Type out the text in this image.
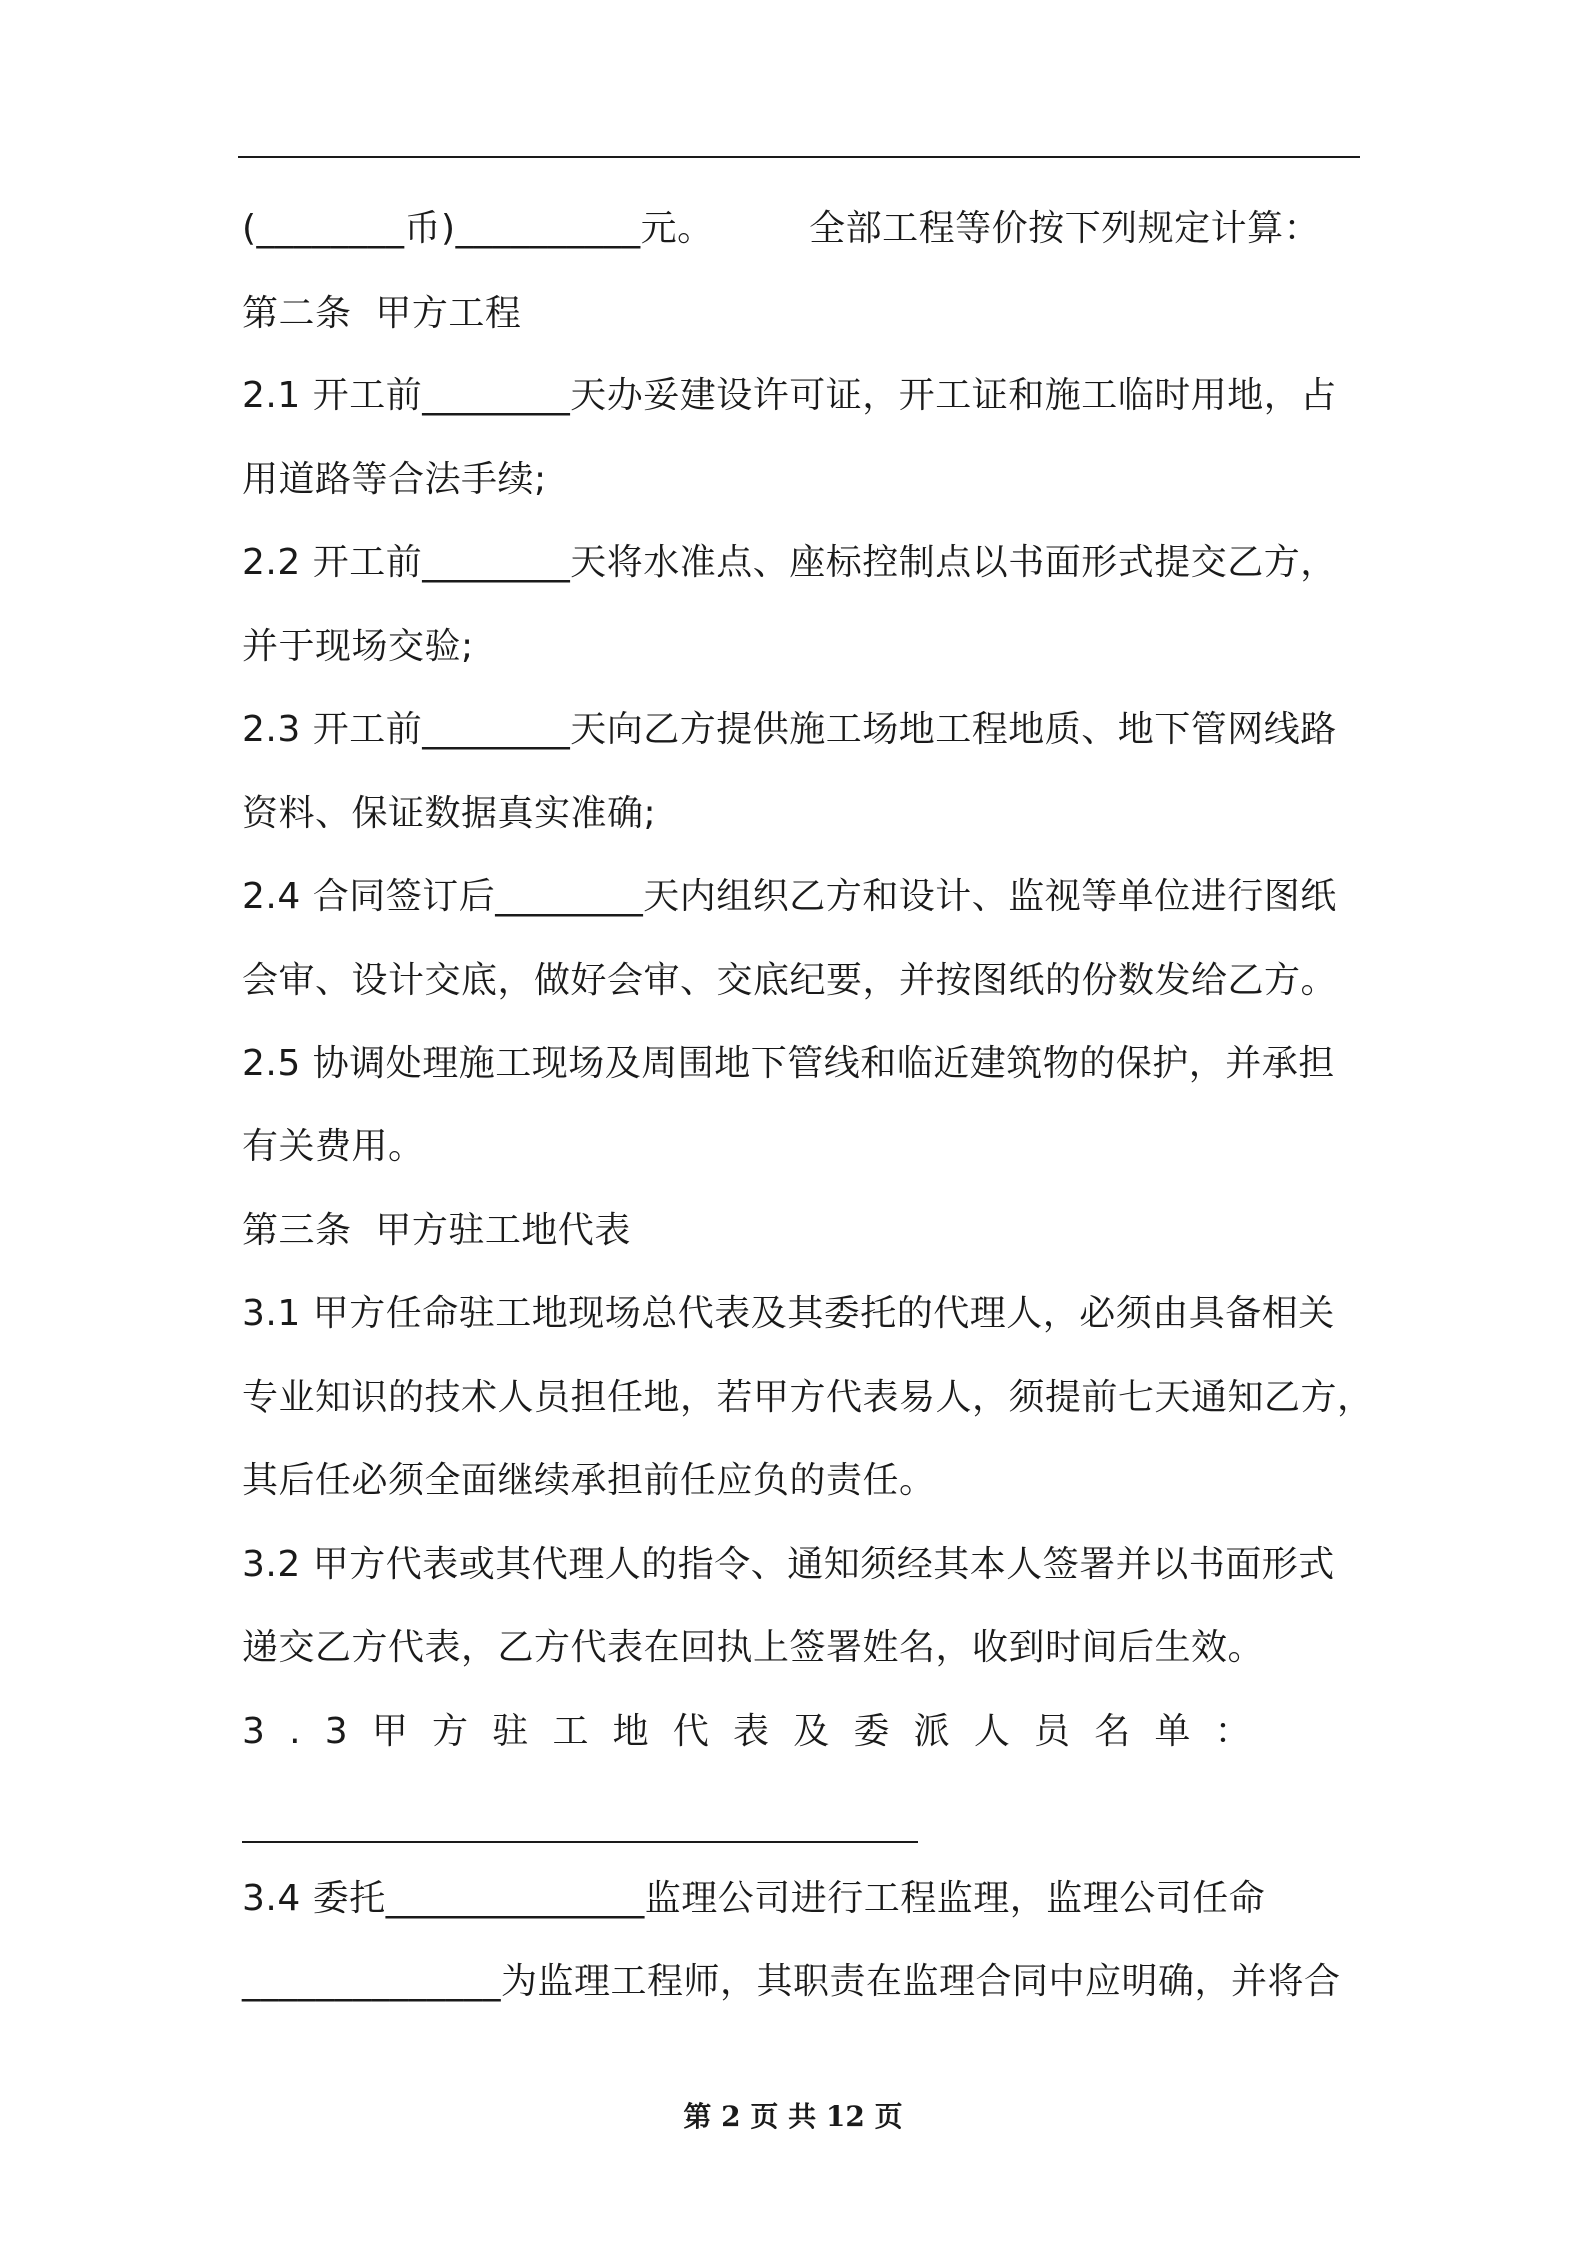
(________币)__________元。        全部工程等价按下列规定计算：
第二条  甲方工程
2.1 开工前________天办妥建设许可证，开工证和施工临时用地，占
用道路等合法手续;
2.2 开工前________天将水准点、座标控制点以书面形式提交乙方，
并于现场交验;
2.3 开工前________天向乙方提供施工场地工程地质、地下管网线路
资料、保证数据真实准确;
2.4 合同签订后________天内组织乙方和设计、监视等单位进行图纸
会审、设计交底，做好会审、交底纪要，并按图纸的份数发给乙方。
2.5 协调处理施工现场及周围地下管线和临近建筑物的保护，并承担
有关费用。
第三条  甲方驻工地代表
3.1 甲方任命驻工地现场总代表及其委托的代理人，必须由具备相关
专业知识的技术人员担任地，若甲方代表易人，须提前七天通知乙方，
其后任必须全面继续承担前任应负的责任。
3.2 甲方代表或其代理人的指令、通知须经其本人签署并以书面形式
递交乙方代表，乙方代表在回执上签署姓名，收到时间后生效。
3.3甲方驻工地代表及委派人员名单：
3.4 委托______________监理公司进行工程监理，监理公司任命
______________为监理工程师，其职责在监理合同中应明确，并将合
第 2 页 共 12 页
